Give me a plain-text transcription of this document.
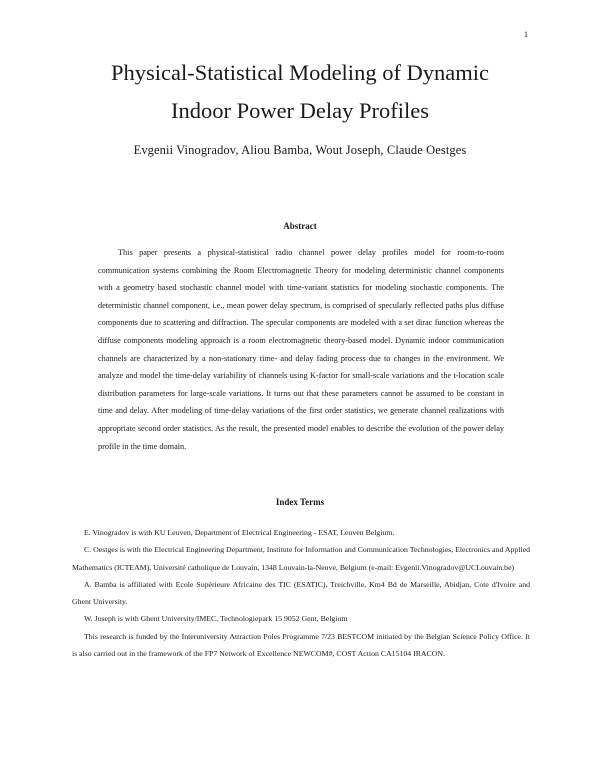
1
Physical-Statistical Modeling of Dynamic
Indoor Power Delay Profiles
Evgenii Vinogradov, Aliou Bamba, Wout Joseph, Claude Oestges
Abstract

This paper presents a physical-statistical radio channel power delay profiles model for room-to-room communication systems combining the Room Electromagnetic Theory for modeling deterministic channel components with a geometry based stochastic channel model with time-variant statistics for modeling stochastic components. The deterministic channel component, i.e., mean power delay spectrum, is comprised of specularly reflected paths plus diffuse components due to scattering and diffraction. The specular components are modeled with a set dirac function whereas the diffuse components modeling approach is a room electromagnetic theory-based model. Dynamic indoor communication channels are characterized by a non-stationary time- and delay fading process due to changes in the environment. We analyze and model the time-delay variability of channels using K-factor for small-scale variations and the t-location scale distribution parameters for large-scale variations. It turns out that these parameters cannot be assumed to be constant in time and delay. After modeling of time-delay variations of the first order statistics, we generate channel realizations with appropriate second order statistics. As the result, the presented model enables to describe the evolution of the power delay profile in the time domain.

Index Terms

E. Vinogradov is with KU Leuven, Department of Electrical Engineering - ESAT, Leuven Belgium.

C. Oestges is with the Electrical Engineering Department, Institute for Information and Communication Technologies, Electronics and Applied Mathematics (ICTEAM), Université catholique de Louvain, 1348 Louvain-la-Neuve, Belgium (e-mail: Evgenii.Vinogradov@UCLouvain.be)

A. Bamba is affiliated with Ecole Supérieure Africaine des TIC (ESATIC), Treichville, Km4 Bd de Marseille, Abidjan, Cote d'Ivoire and Ghent University.

W. Joseph is with Ghent University/IMEC, Technologiepark 15 9052 Gent, Belgium

This research is funded by the Interuniversity Attraction Poles Programme 7/23 BESTCOM initiated by the Belgian Science Policy Office. It is also carried out in the framework of the FP7 Network of Excellence NEWCOM#, COST Action CA15104 IRACON.
